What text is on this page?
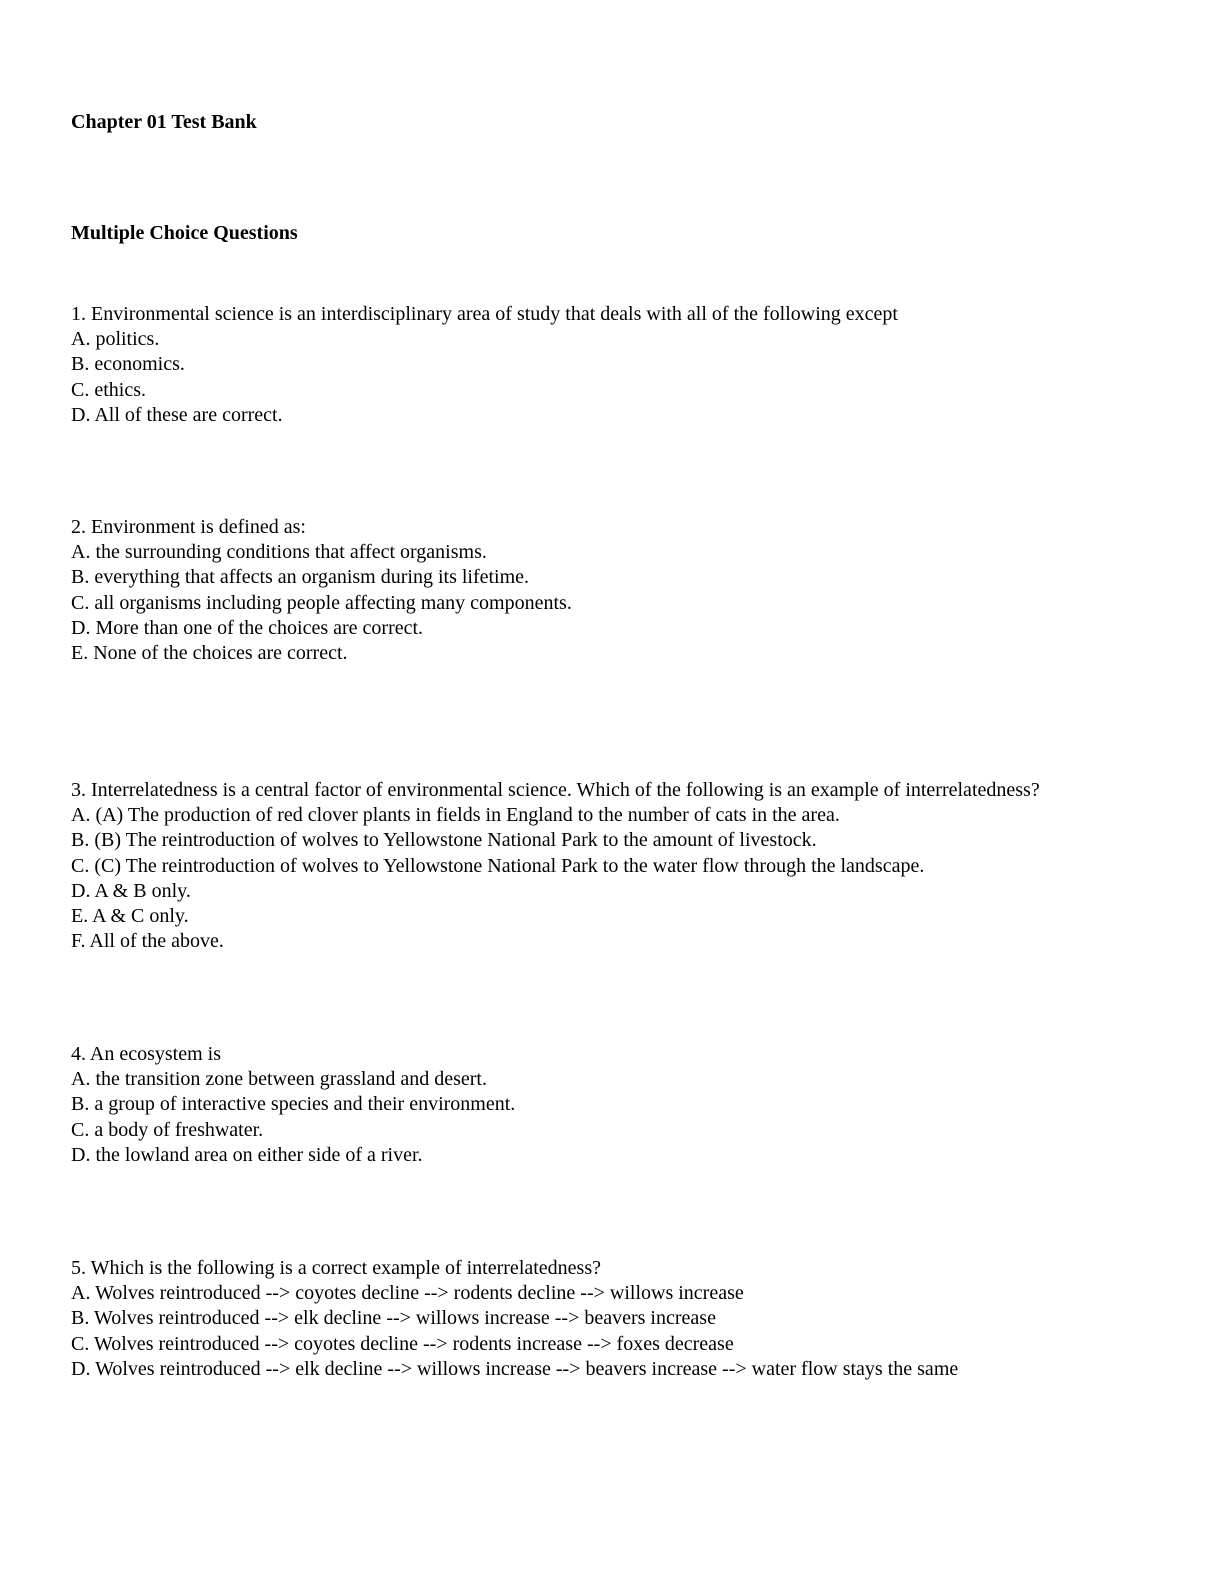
Chapter 01 Test Bank
Multiple Choice Questions
1. Environmental science is an interdisciplinary area of study that deals with all of the following except
A. politics.
B. economics.
C. ethics.
D. All of these are correct.
2. Environment is defined as:
A. the surrounding conditions that affect organisms.
B. everything that affects an organism during its lifetime.
C. all organisms including people affecting many components.
D. More than one of the choices are correct.
E. None of the choices are correct.
3. Interrelatedness is a central factor of environmental science. Which of the following is an example of interrelatedness?
A. (A) The production of red clover plants in fields in England to the number of cats in the area.
B. (B) The reintroduction of wolves to Yellowstone National Park to the amount of livestock.
C. (C) The reintroduction of wolves to Yellowstone National Park to the water flow through the landscape.
D. A & B only.
E. A & C only.
F. All of the above.
4. An ecosystem is
A. the transition zone between grassland and desert.
B. a group of interactive species and their environment.
C. a body of freshwater.
D. the lowland area on either side of a river.
5. Which is the following is a correct example of interrelatedness?
A. Wolves reintroduced --> coyotes decline --> rodents decline --> willows increase
B. Wolves reintroduced --> elk decline --> willows increase --> beavers increase
C. Wolves reintroduced --> coyotes decline --> rodents increase --> foxes decrease
D. Wolves reintroduced --> elk decline --> willows increase --> beavers increase --> water flow stays the same
